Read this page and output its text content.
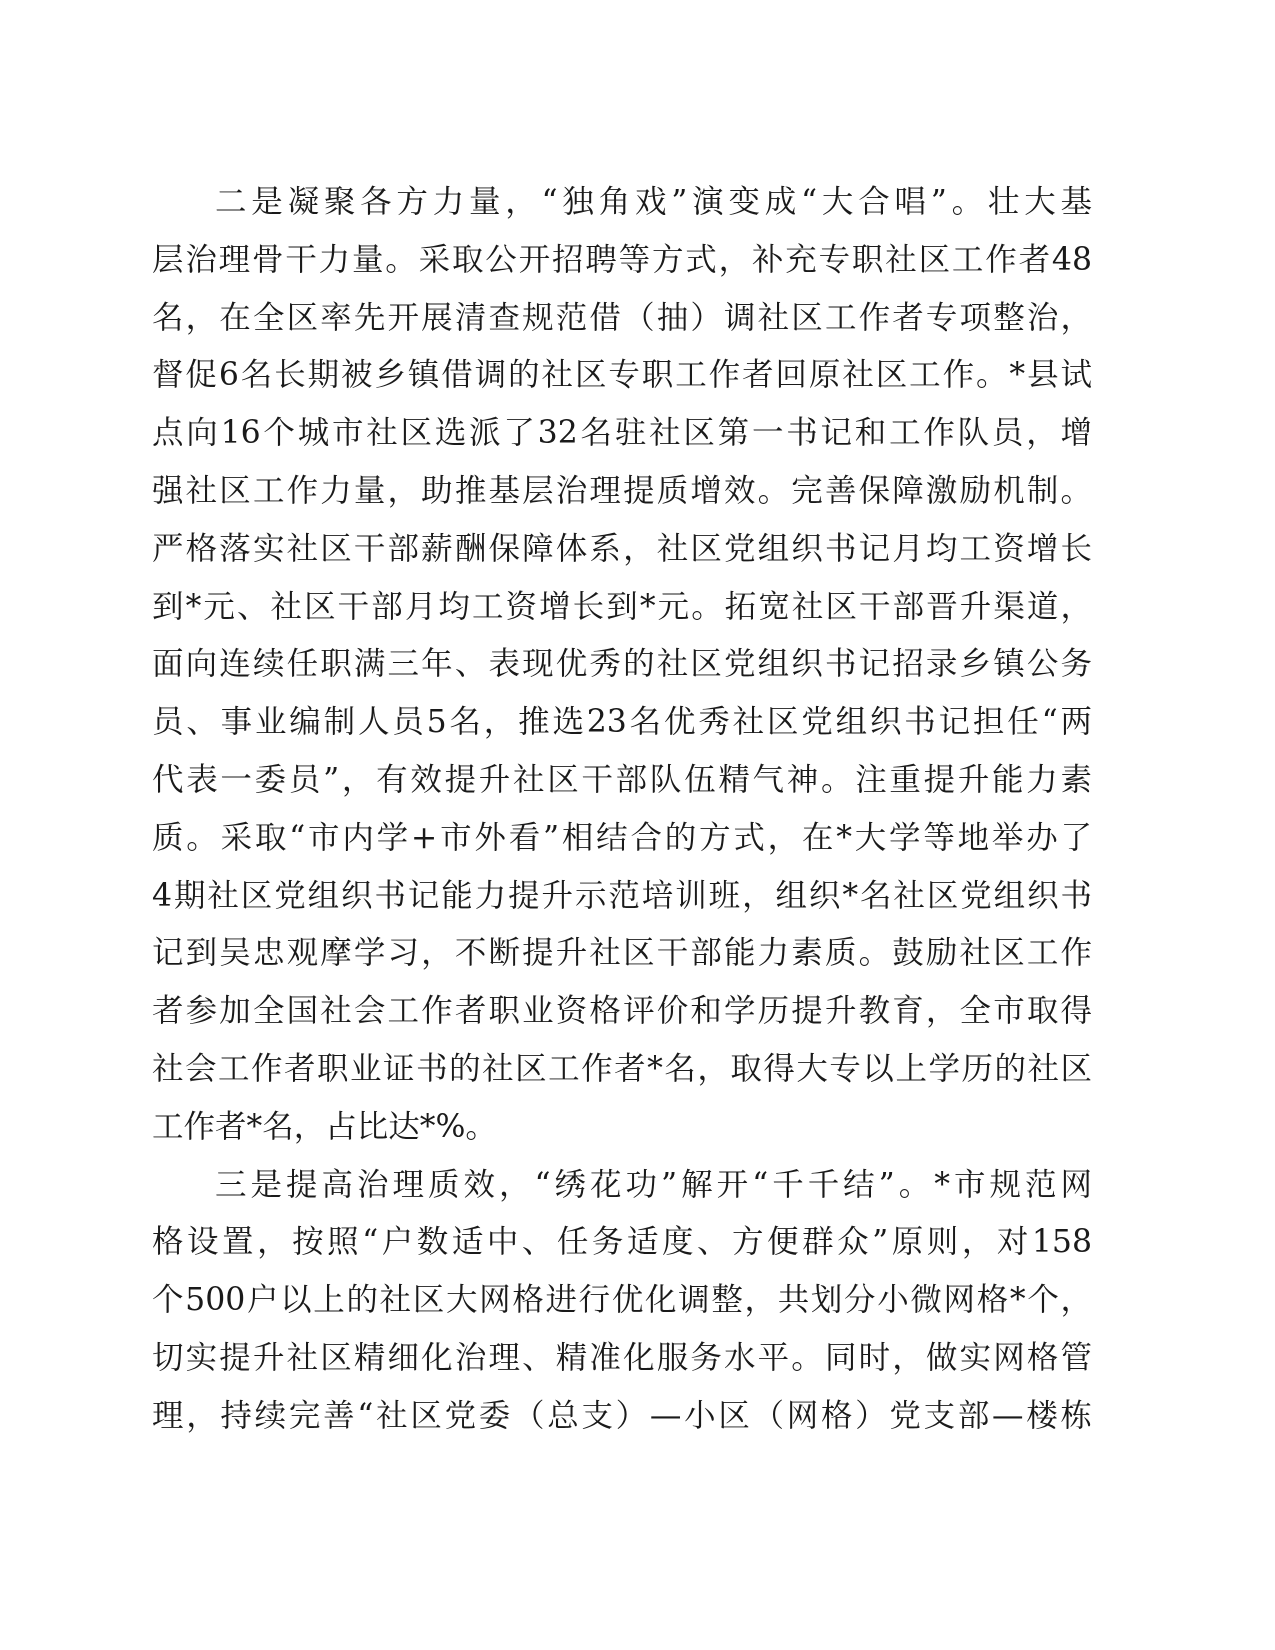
二是凝聚各方力量，“独角戏”演变成“大合唱”。壮大基
层治理骨干力量。采取公开招聘等方式，补充专职社区工作者48
名，在全区率先开展清查规范借（抽）调社区工作者专项整治，
督促6名长期被乡镇借调的社区专职工作者回原社区工作。*县试
点向16个城市社区选派了32名驻社区第一书记和工作队员，增
强社区工作力量，助推基层治理提质增效。完善保障激励机制。
严格落实社区干部薪酬保障体系，社区党组织书记月均工资增长
到*元、社区干部月均工资增长到*元。拓宽社区干部晋升渠道，
面向连续任职满三年、表现优秀的社区党组织书记招录乡镇公务
员、事业编制人员5名，推选23名优秀社区党组织书记担任“两
代表一委员”，有效提升社区干部队伍精气神。注重提升能力素
质。采取“市内学+市外看”相结合的方式，在*大学等地举办了
4期社区党组织书记能力提升示范培训班，组织*名社区党组织书
记到吴忠观摩学习，不断提升社区干部能力素质。鼓励社区工作
者参加全国社会工作者职业资格评价和学历提升教育，全市取得
社会工作者职业证书的社区工作者*名，取得大专以上学历的社区
工作者*名，占比达*%。
三是提高治理质效，“绣花功”解开“千千结”。*市规范网
格设置，按照“户数适中、任务适度、方便群众”原则，对158
个500户以上的社区大网格进行优化调整，共划分小微网格*个，
切实提升社区精细化治理、精准化服务水平。同时，做实网格管
理，持续完善“社区党委（总支）—小区（网格）党支部—楼栋
